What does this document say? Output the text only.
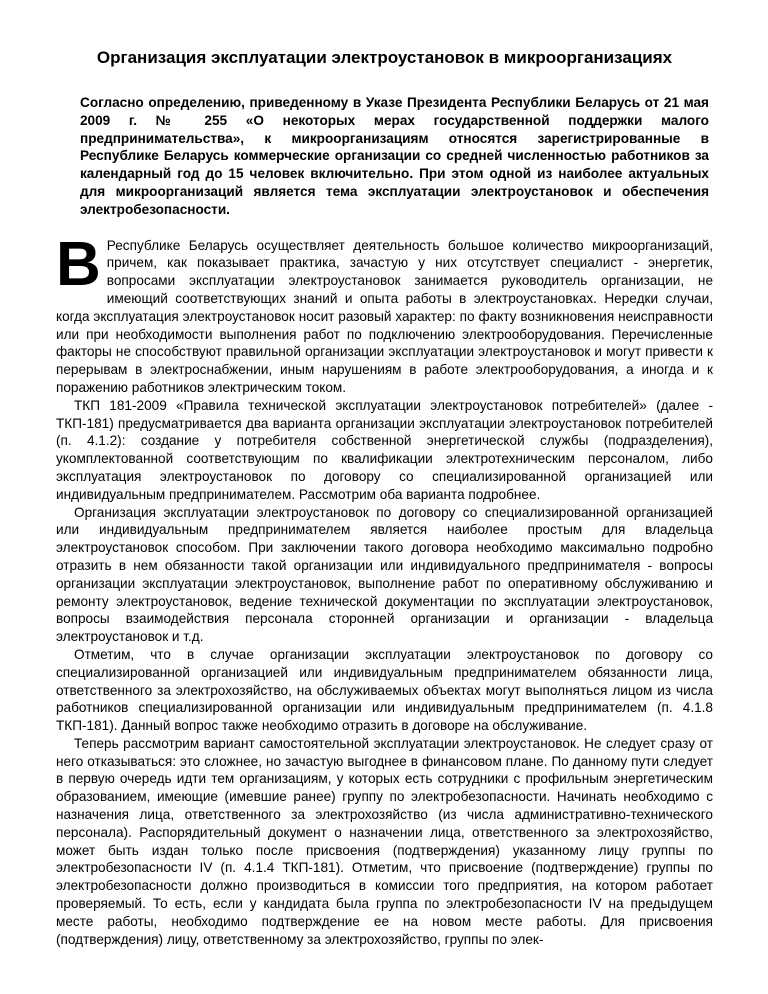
Организация эксплуатации электроустановок в микроорганизациях
Согласно определению, приведенному в Указе Президента Республики Беларусь от 21 мая 2009 г. № 255 «О некоторых мерах государственной поддержки малого предпринимательства», к микроорганизациям относятся зарегистрированные в Республике Беларусь коммерческие организации со средней численностью работников за календарный год до 15 человек включительно. При этом одной из наиболее актуальных для микроорганизаций является тема эксплуатации электроустановок и обеспечения электробезопасности.

В Республике Беларусь осуществляет деятельность большое количество микроорганизаций, причем, как показывает практика, зачастую у них отсутствует специалист - энергетик, вопросами эксплуатации электроустановок занимается руководитель организации, не имеющий соответствующих знаний и опыта работы в электроустановках. Нередки случаи, когда эксплуатация электроустановок носит разовый характер: по факту возникновения неисправности или при необходимости выполнения работ по подключению электрооборудования. Перечисленные факторы не способствуют правильной организации эксплуатации электроустановок и могут привести к перерывам в электроснабжении, иным нарушениям в работе электрооборудования, а иногда и к поражению работников электрическим током.

ТКП 181-2009 «Правила технической эксплуатации электроустановок потребителей» (далее - ТКП-181) предусматривается два варианта организации эксплуатации электроустановок потребителей (п. 4.1.2): создание у потребителя собственной энергетической службы (подразделения), укомплектованной соответствующим по квалификации электротехническим персоналом, либо эксплуатация электроустановок по договору со специализированной организацией или индивидуальным предпринимателем. Рассмотрим оба варианта подробнее.

Организация эксплуатации электроустановок по договору со специализированной организацией или индивидуальным предпринимателем является наиболее простым для владельца электроустановок способом. При заключении такого договора необходимо максимально подробно отразить в нем обязанности такой организации или индивидуального предпринимателя - вопросы организации эксплуатации электроустановок, выполнение работ по оперативному обслуживанию и ремонту электроустановок, ведение технической документации по эксплуатации электроустановок, вопросы взаимодействия персонала сторонней организации и организации - владельца электроустановок и т.д.

Отметим, что в случае организации эксплуатации электроустановок по договору со специализированной организацией или индивидуальным предпринимателем обязанности лица, ответственного за электрохозяйство, на обслуживаемых объектах могут выполняться лицом из числа работников специализированной организации или индивидуальным предпринимателем (п. 4.1.8 ТКП-181). Данный вопрос также необходимо отразить в договоре на обслуживание.

Теперь рассмотрим вариант самостоятельной эксплуатации электроустановок. Не следует сразу от него отказываться: это сложнее, но зачастую выгоднее в финансовом плане. По данному пути следует в первую очередь идти тем организациям, у которых есть сотрудники с профильным энергетическим образованием, имеющие (имевшие ранее) группу по электробезопасности. Начинать необходимо с назначения лица, ответственного за электрохозяйство (из числа административно-технического персонала). Распорядительный документ о назначении лица, ответственного за электрохозяйство, может быть издан только после присвоения (подтверждения) указанному лицу группы по электробезопасности IV (п. 4.1.4 ТКП-181). Отметим, что присвоение (подтверждение) группы по электробезопасности должно производиться в комиссии того предприятия, на котором работает проверяемый. То есть, если у кандидата была группа по электробезопасности IV на предыдущем месте работы, необходимо подтверждение ее на новом месте работы. Для присвоения (подтверждения) лицу, ответственному за электрохозяйство, группы по элек-
